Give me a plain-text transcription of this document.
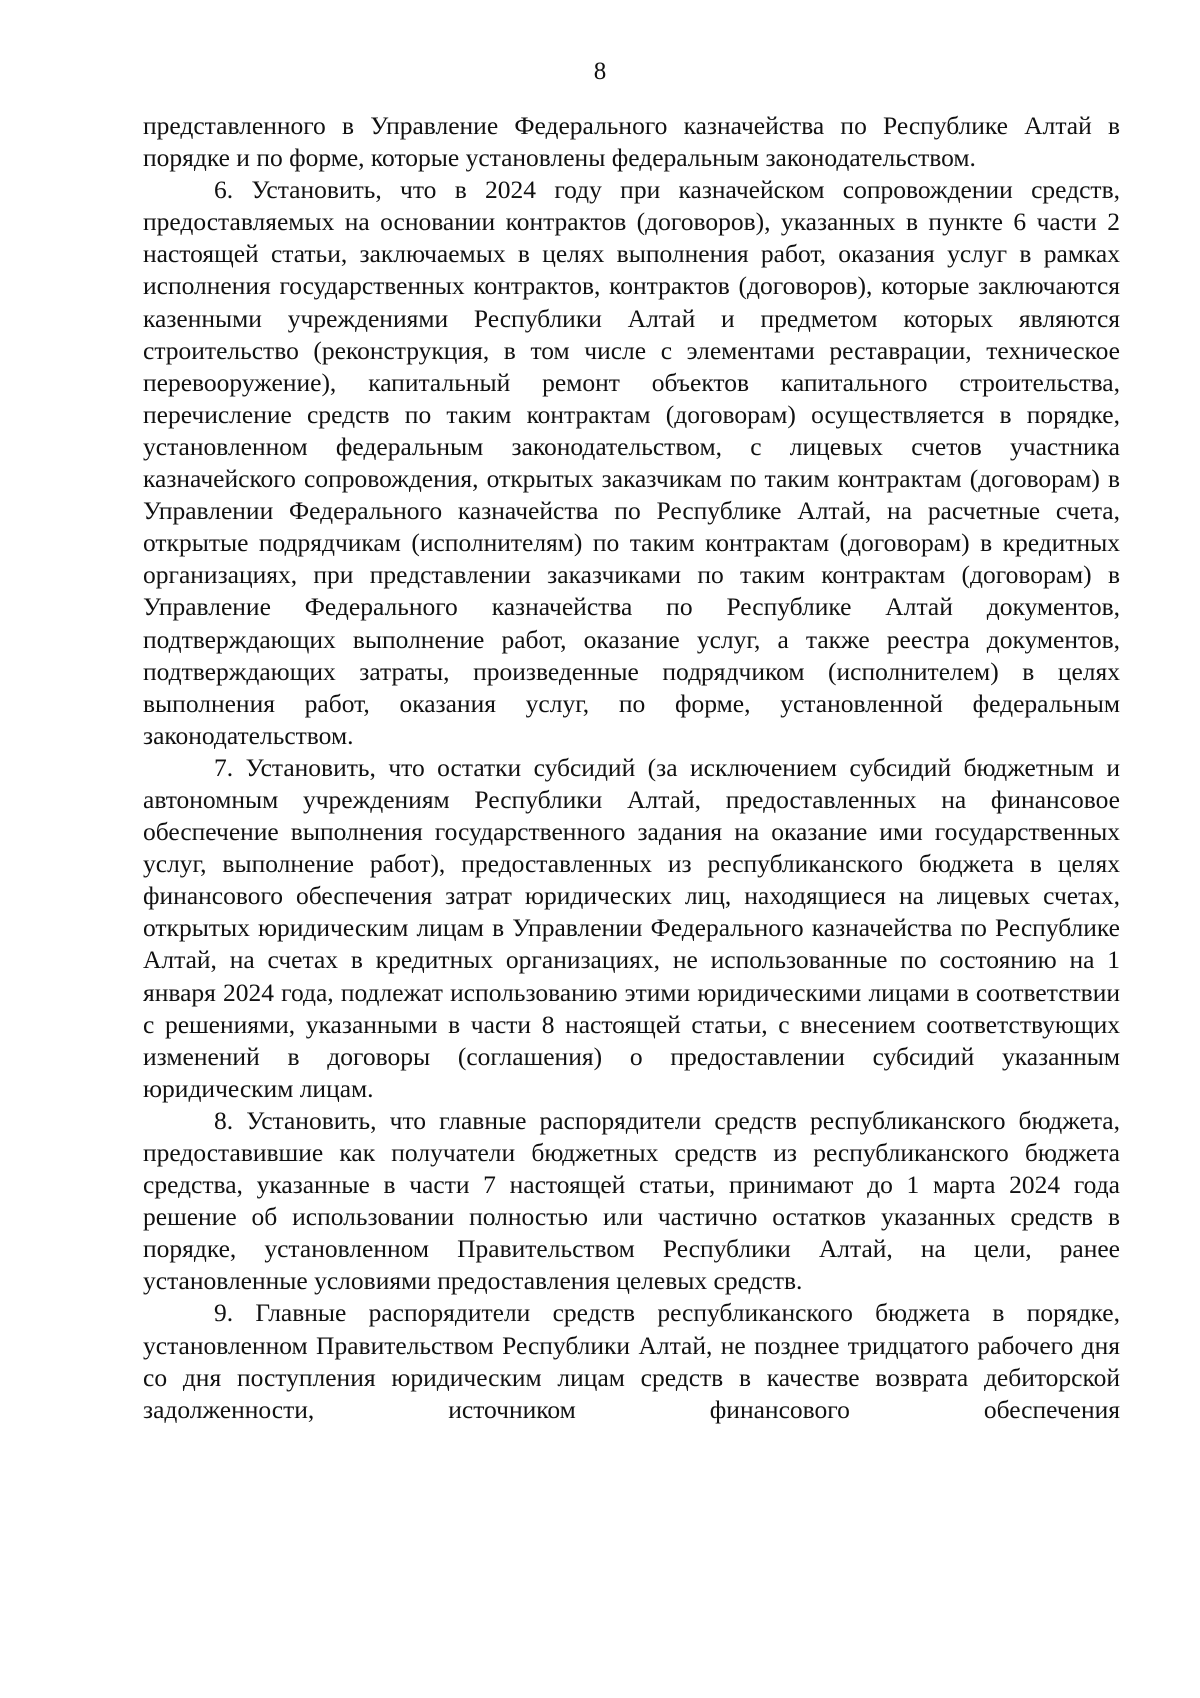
8

представленного в Управление Федерального казначейства по Республике Алтай в порядке и по форме, которые установлены федеральным законодательством.

6. Установить, что в 2024 году при казначейском сопровождении средств, предоставляемых на основании контрактов (договоров), указанных в пункте 6 части 2 настоящей статьи, заключаемых в целях выполнения работ, оказания услуг в рамках исполнения государственных контрактов, контрактов (договоров), которые заключаются казенными учреждениями Республики Алтай и предметом которых являются строительство (реконструкция, в том числе с элементами реставрации, техническое перевооружение), капитальный ремонт объектов капитального строительства, перечисление средств по таким контрактам (договорам) осуществляется в порядке, установленном федеральным законодательством, с лицевых счетов участника казначейского сопровождения, открытых заказчикам по таким контрактам (договорам) в Управлении Федерального казначейства по Республике Алтай, на расчетные счета, открытые подрядчикам (исполнителям) по таким контрактам (договорам) в кредитных организациях, при представлении заказчиками по таким контрактам (договорам) в Управление Федерального казначейства по Республике Алтай документов, подтверждающих выполнение работ, оказание услуг, а также реестра документов, подтверждающих затраты, произведенные подрядчиком (исполнителем) в целях выполнения работ, оказания услуг, по форме, установленной федеральным законодательством.

7. Установить, что остатки субсидий (за исключением субсидий бюджетным и автономным учреждениям Республики Алтай, предоставленных на финансовое обеспечение выполнения государственного задания на оказание ими государственных услуг, выполнение работ), предоставленных из республиканского бюджета в целях финансового обеспечения затрат юридических лиц, находящиеся на лицевых счетах, открытых юридическим лицам в Управлении Федерального казначейства по Республике Алтай, на счетах в кредитных организациях, не использованные по состоянию на 1 января 2024 года, подлежат использованию этими юридическими лицами в соответствии с решениями, указанными в части 8 настоящей статьи, с внесением соответствующих изменений в договоры (соглашения) о предоставлении субсидий указанным юридическим лицам.

8. Установить, что главные распорядители средств республиканского бюджета, предоставившие как получатели бюджетных средств из республиканского бюджета средства, указанные в части 7 настоящей статьи, принимают до 1 марта 2024 года решение об использовании полностью или частично остатков указанных средств в порядке, установленном Правительством Республики Алтай, на цели, ранее установленные условиями предоставления целевых средств.

9. Главные распорядители средств республиканского бюджета в порядке, установленном Правительством Республики Алтай, не позднее тридцатого рабочего дня со дня поступления юридическим лицам средств в качестве возврата дебиторской задолженности, источником финансового обеспечения
